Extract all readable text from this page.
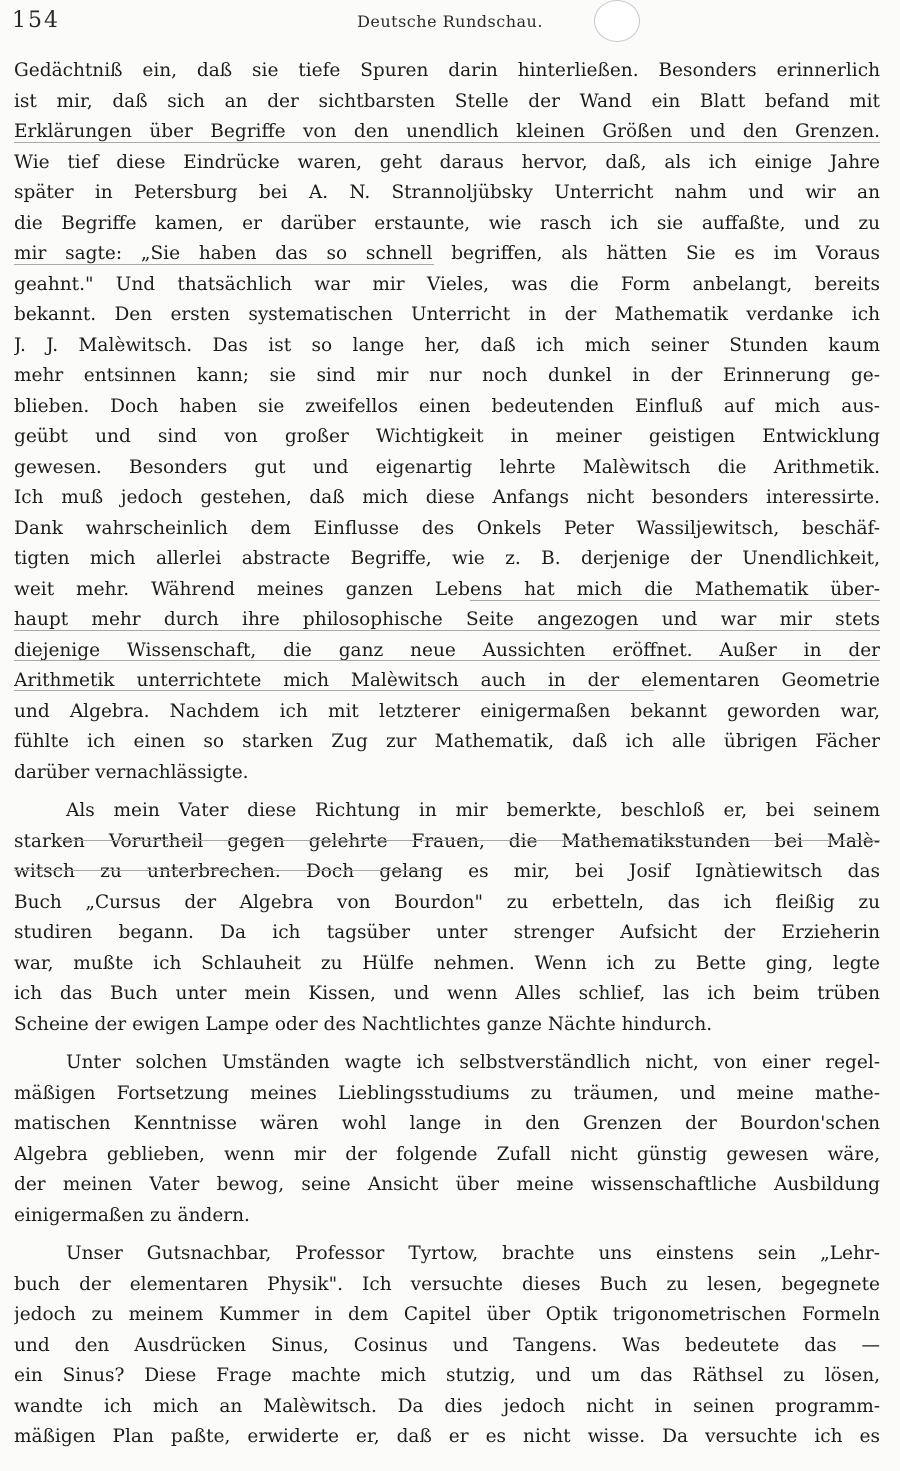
154	Deutsche Rundschau.
Gedächtniß ein, daß sie tiefe Spuren darin hinterließen. Besonders erinnerlich
ist mir, daß sich an der sichtbarsten Stelle der Wand ein Blatt befand mit
Erklärungen über Begriffe von den unendlich kleinen Größen und den Grenzen.
Wie tief diese Eindrücke waren, geht daraus hervor, daß, als ich einige Jahre
später in Petersburg bei A. N. Strannoljübsky Unterricht nahm und wir an
die Begriffe kamen, er darüber erstaunte, wie rasch ich sie auffaßte, und zu
mir sagte: „Sie haben das so schnell begriffen, als hätten Sie es im Voraus
geahnt." Und thatsächlich war mir Vieles, was die Form anbelangt, bereits
bekannt. Den ersten systematischen Unterricht in der Mathematik verdanke ich
J. J. Malèwitsch. Das ist so lange her, daß ich mich seiner Stunden kaum
mehr entsinnen kann; sie sind mir nur noch dunkel in der Erinnerung ge-
blieben. Doch haben sie zweifellos einen bedeutenden Einfluß auf mich aus-
geübt und sind von großer Wichtigkeit in meiner geistigen Entwicklung
gewesen. Besonders gut und eigenartig lehrte Malèwitsch die Arithmetik.
Ich muß jedoch gestehen, daß mich diese Anfangs nicht besonders interessirte.
Dank wahrscheinlich dem Einflusse des Onkels Peter Wassiljewitsch, beschäf-
tigten mich allerlei abstracte Begriffe, wie z. B. derjenige der Unendlichkeit,
weit mehr. Während meines ganzen Lebens hat mich die Mathematik über-
haupt mehr durch ihre philosophische Seite angezogen und war mir stets
diejenige Wissenschaft, die ganz neue Aussichten eröffnet. Außer in der
Arithmetik unterrichtete mich Malèwitsch auch in der elementaren Geometrie
und Algebra. Nachdem ich mit letzterer einigermaßen bekannt geworden war,
fühlte ich einen so starken Zug zur Mathematik, daß ich alle übrigen Fächer
darüber vernachlässigte.
Als mein Vater diese Richtung in mir bemerkte, beschloß er, bei seinem
starken Vorurtheil gegen gelehrte Frauen, die Mathematikstunden bei Malè-
witsch zu unterbrechen. Doch gelang es mir, bei Josif Ignàtiewitsch das
Buch „Cursus der Algebra von Bourdon" zu erbetteln, das ich fleißig zu
studiren begann. Da ich tagsüber unter strenger Aufsicht der Erzieherin
war, mußte ich Schlauheit zu Hülfe nehmen. Wenn ich zu Bette ging, legte
ich das Buch unter mein Kissen, und wenn Alles schlief, las ich beim trüben
Scheine der ewigen Lampe oder des Nachtlichtes ganze Nächte hindurch.
Unter solchen Umständen wagte ich selbstverständlich nicht, von einer regel-
mäßigen Fortsetzung meines Lieblingsstudiums zu träumen, und meine mathe-
matischen Kenntnisse wären wohl lange in den Grenzen der Bourdon'schen
Algebra geblieben, wenn mir der folgende Zufall nicht günstig gewesen wäre,
der meinen Vater bewog, seine Ansicht über meine wissenschaftliche Ausbildung
einigermaßen zu ändern.
Unser Gutsnachbar, Professor Tyrtow, brachte uns einstens sein „Lehr-
buch der elementaren Physik". Ich versuchte dieses Buch zu lesen, begegnete
jedoch zu meinem Kummer in dem Capitel über Optik trigonometrischen Formeln
und den Ausdrücken Sinus, Cosinus und Tangens. Was bedeutete das —
ein Sinus? Diese Frage machte mich stutzig, und um das Räthsel zu lösen,
wandte ich mich an Malèwitsch. Da dies jedoch nicht in seinen programm-
mäßigen Plan paßte, erwiderte er, daß er es nicht wisse. Da versuchte ich es
